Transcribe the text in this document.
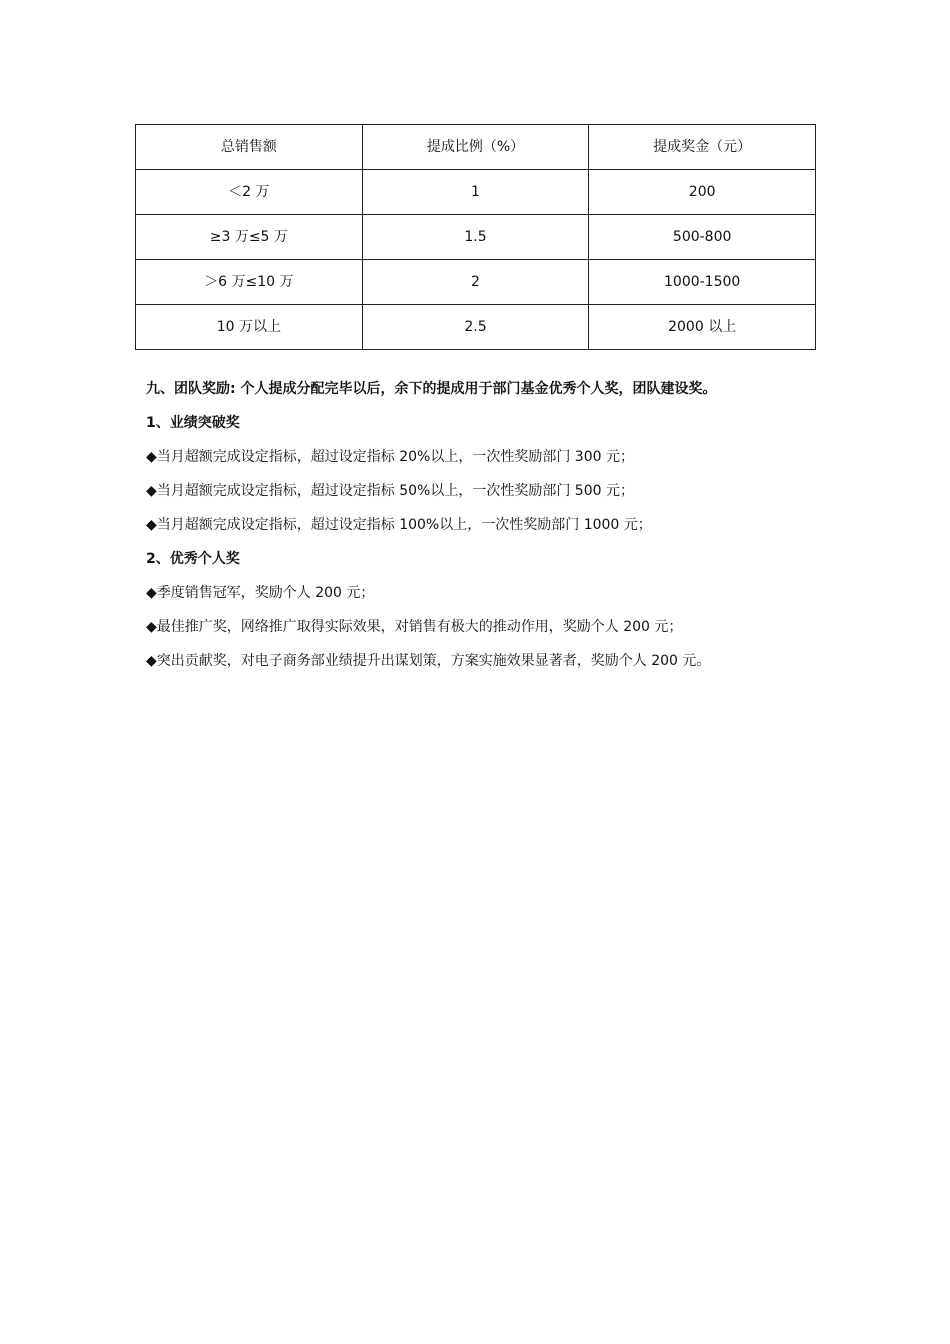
总销售额	提成比例（%）	提成奖金（元）
＜2 万	1	200
≥3 万≤5 万	1.5	500-800
＞6 万≤10 万	2	1000-1500
10 万以上	2.5	2000 以上
九、团队奖励: 个人提成分配完毕以后，余下的提成用于部门基金优秀个人奖，团队建设奖。
1、业绩突破奖
◆当月超额完成设定指标，超过设定指标 20%以上，一次性奖励部门 300 元；
◆当月超额完成设定指标，超过设定指标 50%以上，一次性奖励部门 500 元；
◆当月超额完成设定指标，超过设定指标 100%以上，一次性奖励部门 1000 元；
2、优秀个人奖
◆季度销售冠军，奖励个人 200 元；
◆最佳推广奖，网络推广取得实际效果，对销售有极大的推动作用，奖励个人 200 元；
◆突出贡献奖，对电子商务部业绩提升出谋划策，方案实施效果显著者，奖励个人 200 元。
